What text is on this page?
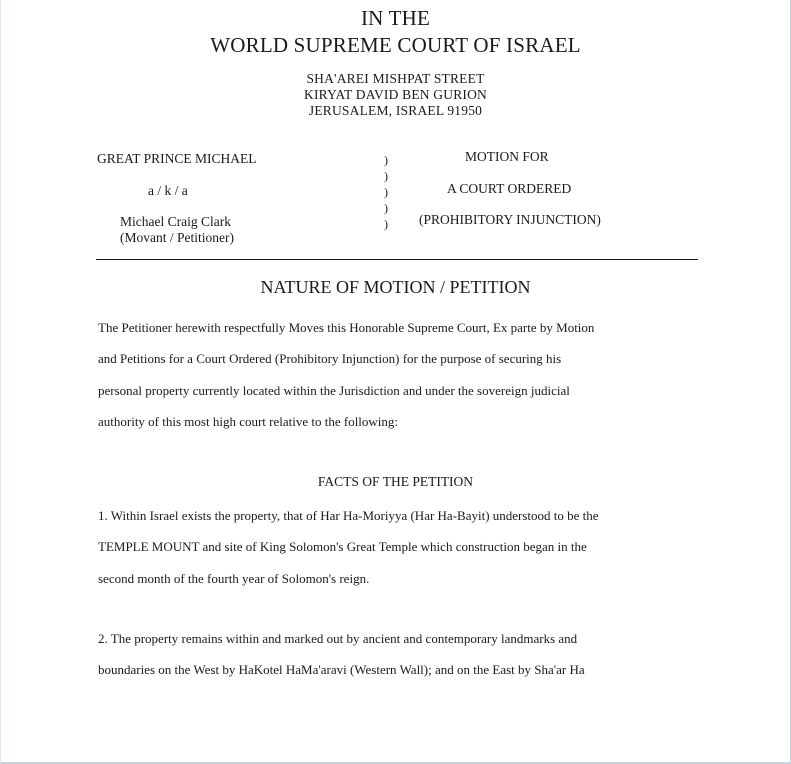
IN THE
WORLD SUPREME COURT OF ISRAEL
SHA'AREI MISHPAT STREET
KIRYAT DAVID BEN GURION
JERUSALEM, ISRAEL 91950
GREAT PRINCE MICHAEL
a / k / a
Michael Craig Clark
(Movant / Petitioner)
)
)
)
)
)
MOTION FOR
A COURT ORDERED
(PROHIBITORY INJUNCTION)
NATURE OF MOTION / PETITION
The Petitioner herewith respectfully Moves this Honorable Supreme Court, Ex parte by Motion
and Petitions for a Court Ordered (Prohibitory Injunction) for the purpose of securing his
personal property currently located within the Jurisdiction and under the sovereign judicial
authority of this most high court relative to the following:
FACTS OF THE PETITION
1. Within Israel exists the property, that of Har Ha-Moriyya (Har Ha-Bayit) understood to be the
TEMPLE MOUNT and site of King Solomon's Great Temple which construction began in the
second month of the fourth year of Solomon's reign.
2. The property remains within and marked out by ancient and contemporary landmarks and
boundaries on the West by HaKotel HaMa'aravi (Western Wall); and on the East by Sha'ar Ha
